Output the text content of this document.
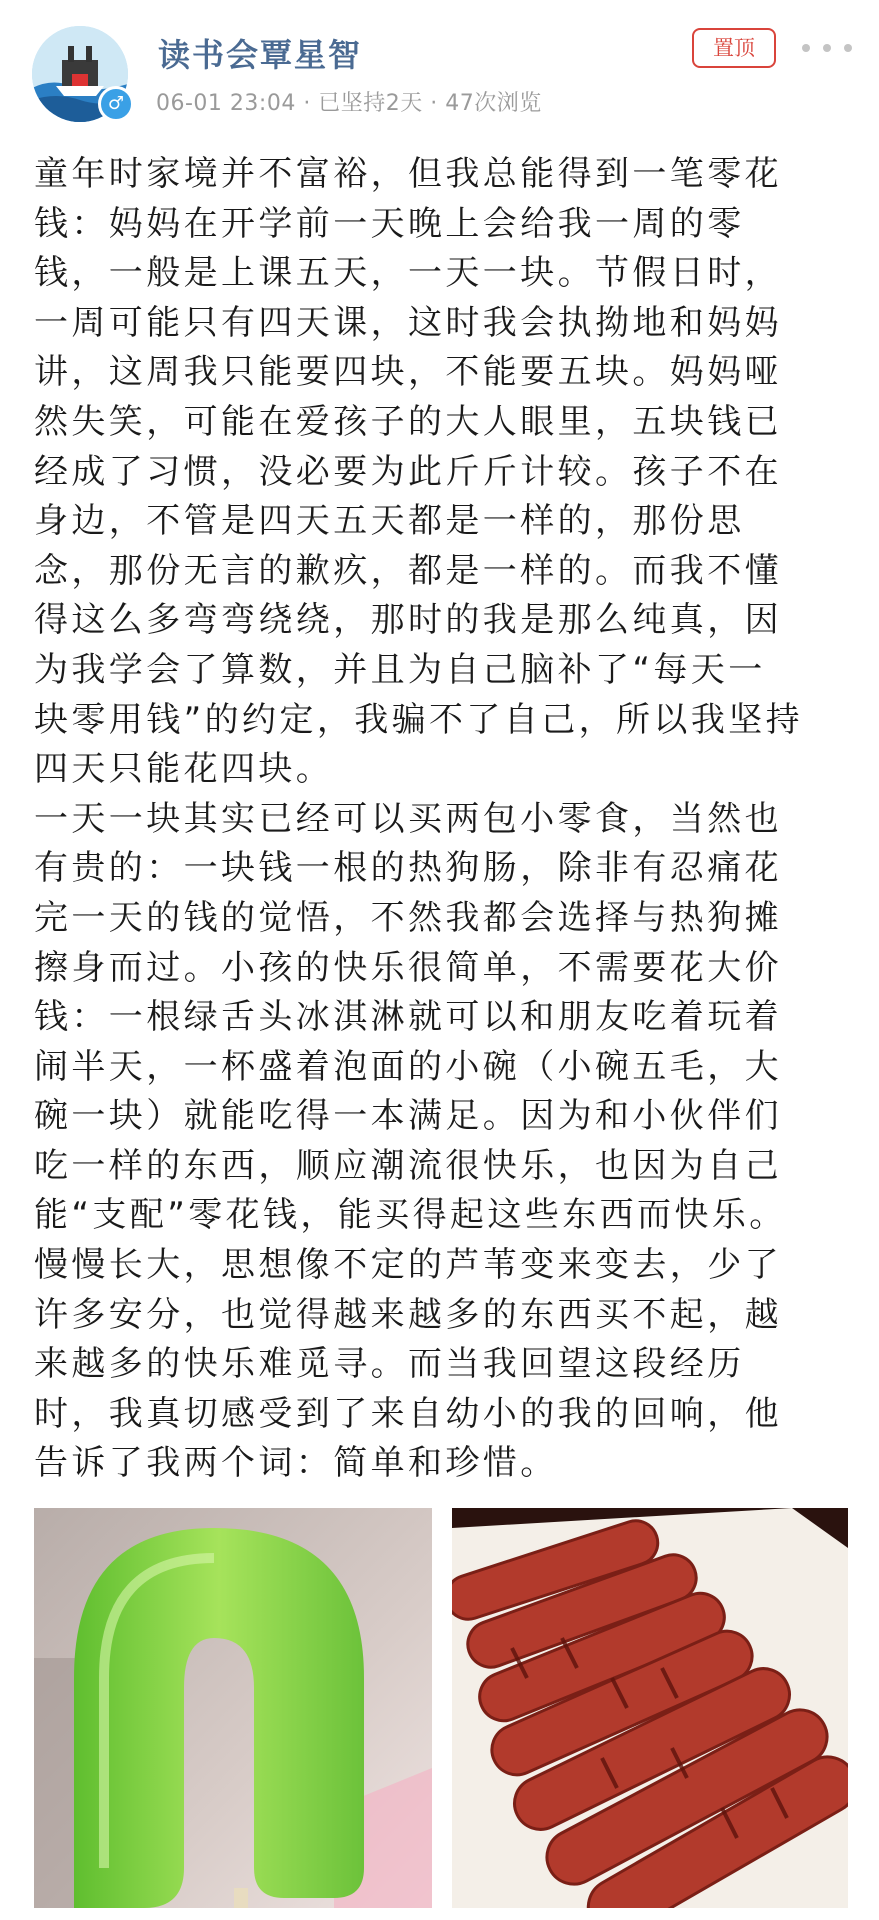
♂
读书会覃星智
06-01 23:04 · 已坚持2天 · 47次浏览
置顶

童年时家境并不富裕，但我总能得到一笔零花
钱：妈妈在开学前一天晚上会给我一周的零
钱，一般是上课五天，一天一块。节假日时，
一周可能只有四天课，这时我会执拗地和妈妈
讲，这周我只能要四块，不能要五块。妈妈哑
然失笑，可能在爱孩子的大人眼里，五块钱已
经成了习惯，没必要为此斤斤计较。孩子不在
身边，不管是四天五天都是一样的，那份思
念，那份无言的歉疚，都是一样的。而我不懂
得这么多弯弯绕绕，那时的我是那么纯真，因
为我学会了算数，并且为自己脑补了“每天一
块零用钱”的约定，我骗不了自己，所以我坚持
四天只能花四块。

一天一块其实已经可以买两包小零食，当然也
有贵的：一块钱一根的热狗肠，除非有忍痛花
完一天的钱的觉悟，不然我都会选择与热狗摊
擦身而过。小孩的快乐很简单，不需要花大价
钱：一根绿舌头冰淇淋就可以和朋友吃着玩着
闹半天，一杯盛着泡面的小碗（小碗五毛，大
碗一块）就能吃得一本满足。因为和小伙伴们
吃一样的东西，顺应潮流很快乐，也因为自己
能“支配”零花钱，能买得起这些东西而快乐。
慢慢长大，思想像不定的芦苇变来变去，少了
许多安分，也觉得越来越多的东西买不起，越
来越多的快乐难觅寻。而当我回望这段经历
时，我真切感受到了来自幼小的我的回响，他
告诉了我两个词：简单和珍惜。
